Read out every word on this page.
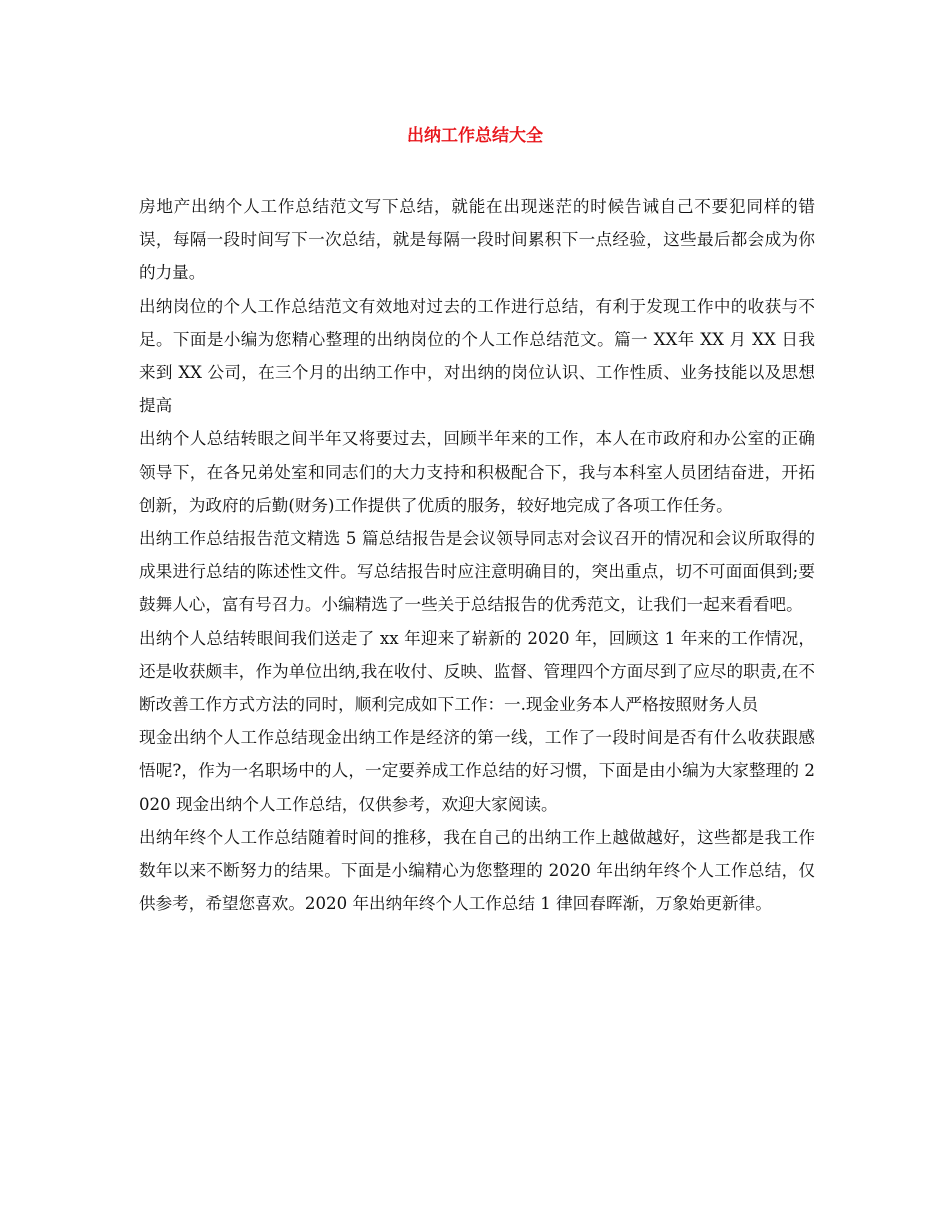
出纳工作总结大全

房地产出纳个人工作总结范文写下总结，就能在出现迷茫的时候告诫自己不要犯同样的错误，每隔一段时间写下一次总结，就是每隔一段时间累积下一点经验，这些最后都会成为你的力量。

出纳岗位的个人工作总结范文有效地对过去的工作进行总结，有利于发现工作中的收获与不足。下面是小编为您精心整理的出纳岗位的个人工作总结范文。篇一 XX年 XX 月 XX 日我来到 XX 公司，在三个月的出纳工作中，对出纳的岗位认识、工作性质、业务技能以及思想提高

出纳个人总结转眼之间半年又将要过去，回顾半年来的工作，本人在市政府和办公室的正确领导下，在各兄弟处室和同志们的大力支持和积极配合下，我与本科室人员团结奋进，开拓创新，为政府的后勤(财务)工作提供了优质的服务，较好地完成了各项工作任务。

出纳工作总结报告范文精选 5 篇总结报告是会议领导同志对会议召开的情况和会议所取得的成果进行总结的陈述性文件。写总结报告时应注意明确目的，突出重点，切不可面面俱到;要鼓舞人心，富有号召力。小编精选了一些关于总结报告的优秀范文，让我们一起来看看吧。

出纳个人总结转眼间我们送走了 xx 年迎来了崭新的 2020 年，回顾这 1 年来的工作情况，还是收获颇丰，作为单位出纳,我在收付、反映、监督、管理四个方面尽到了应尽的职责,在不断改善工作方式方法的同时，顺利完成如下工作：一.现金业务本人严格按照财务人员

现金出纳个人工作总结现金出纳工作是经济的第一线，工作了一段时间是否有什么收获跟感悟呢?，作为一名职场中的人，一定要养成工作总结的好习惯，下面是由小编为大家整理的 2020 现金出纳个人工作总结，仅供参考，欢迎大家阅读。

出纳年终个人工作总结随着时间的推移，我在自己的出纳工作上越做越好，这些都是我工作数年以来不断努力的结果。下面是小编精心为您整理的 2020 年出纳年终个人工作总结，仅供参考，希望您喜欢。2020 年出纳年终个人工作总结 1 律回春晖渐，万象始更新律。
